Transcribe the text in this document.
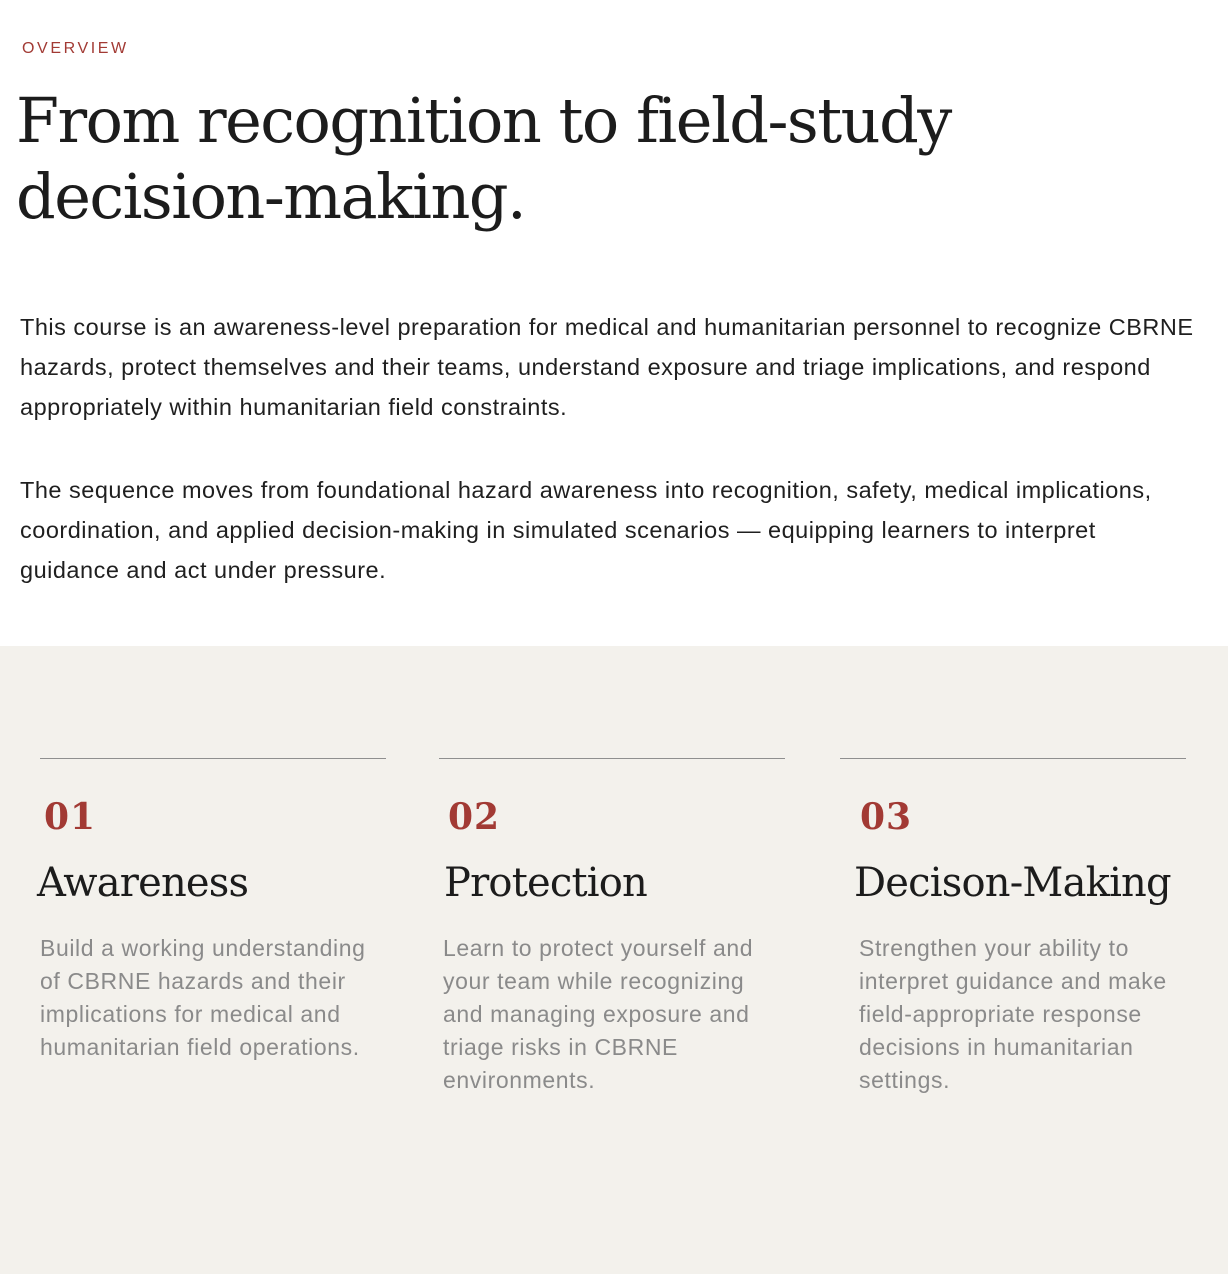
OVERVIEW

From recognition to field-study decision-making.

This course is an awareness-level preparation for medical and humanitarian personnel to recognize CBRNE hazards, protect themselves and their teams, understand exposure and triage implications, and respond appropriately within humanitarian field constraints.

The sequence moves from foundational hazard awareness into recognition, safety, medical implications, coordination, and applied decision-making in simulated scenarios — equipping learners to interpret guidance and act under pressure.

01

Awareness

Build a working understanding of CBRNE hazards and their implications for medical and humanitarian field operations.

02

Protection

Learn to protect yourself and your team while recognizing and managing exposure and triage risks in CBRNE environments.

03

Decison-Making

Strengthen your ability to interpret guidance and make field-appropriate response decisions in humanitarian settings.
